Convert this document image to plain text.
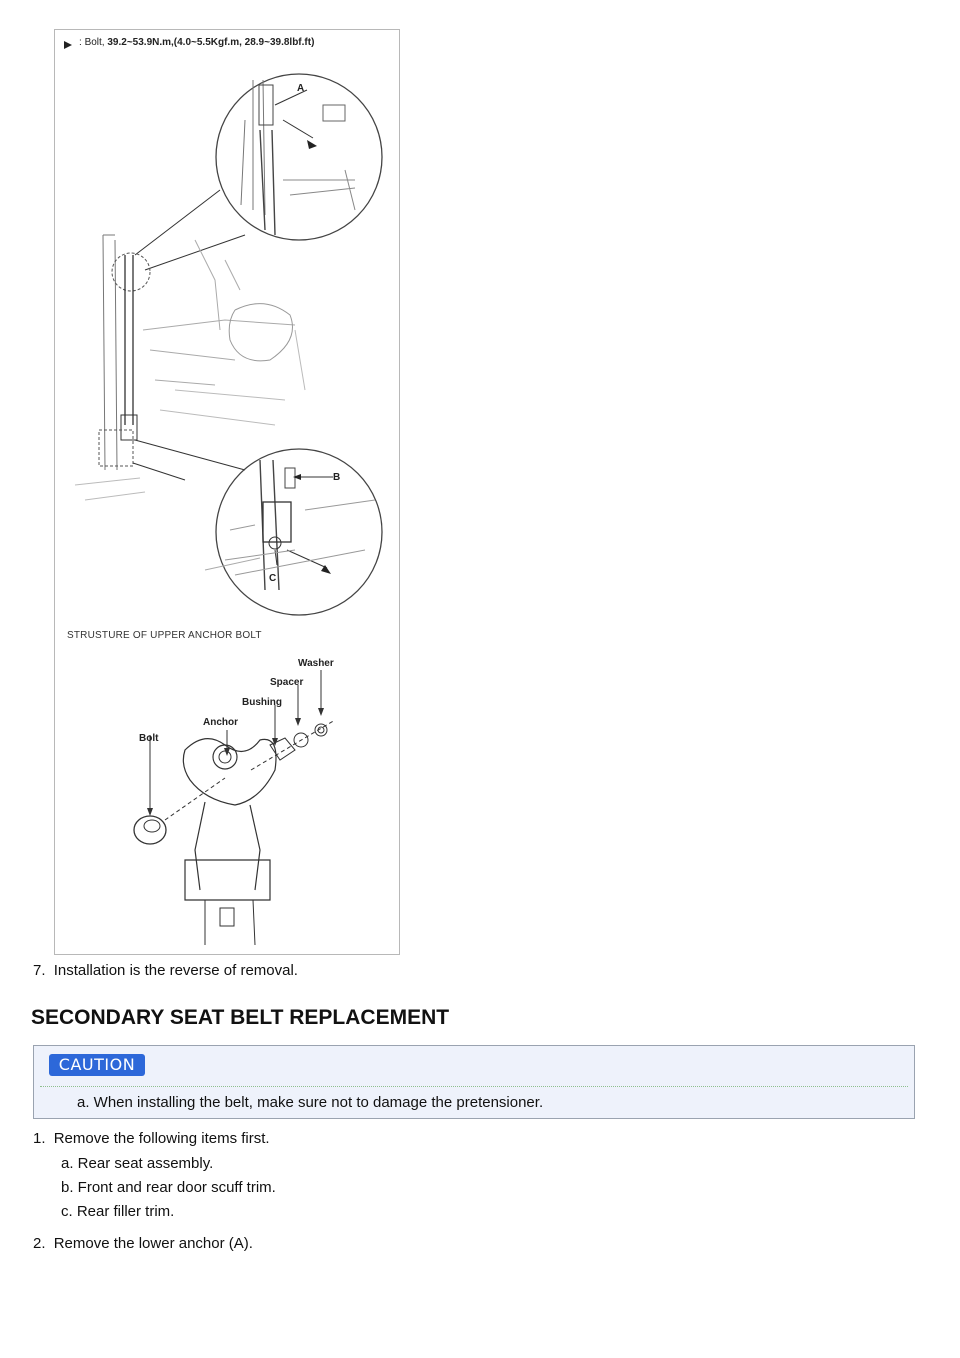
: Bolt, 39.2~53.9N.m,(4.0~5.5Kgf.m, 28.9~39.8lbf.ft)
A
B
C
STRUSTURE OF UPPER ANCHOR BOLT
Washer
Spacer
Bushing
Anchor
Bolt
7. Installation is the reverse of removal.
SECONDARY SEAT BELT REPLACEMENT
CAUTION
a. When installing the belt, make sure not to damage the pretensioner.
1. Remove the following items first.
a. Rear seat assembly.
b. Front and rear door scuff trim.
c. Rear filler trim.
2. Remove the lower anchor (A).
